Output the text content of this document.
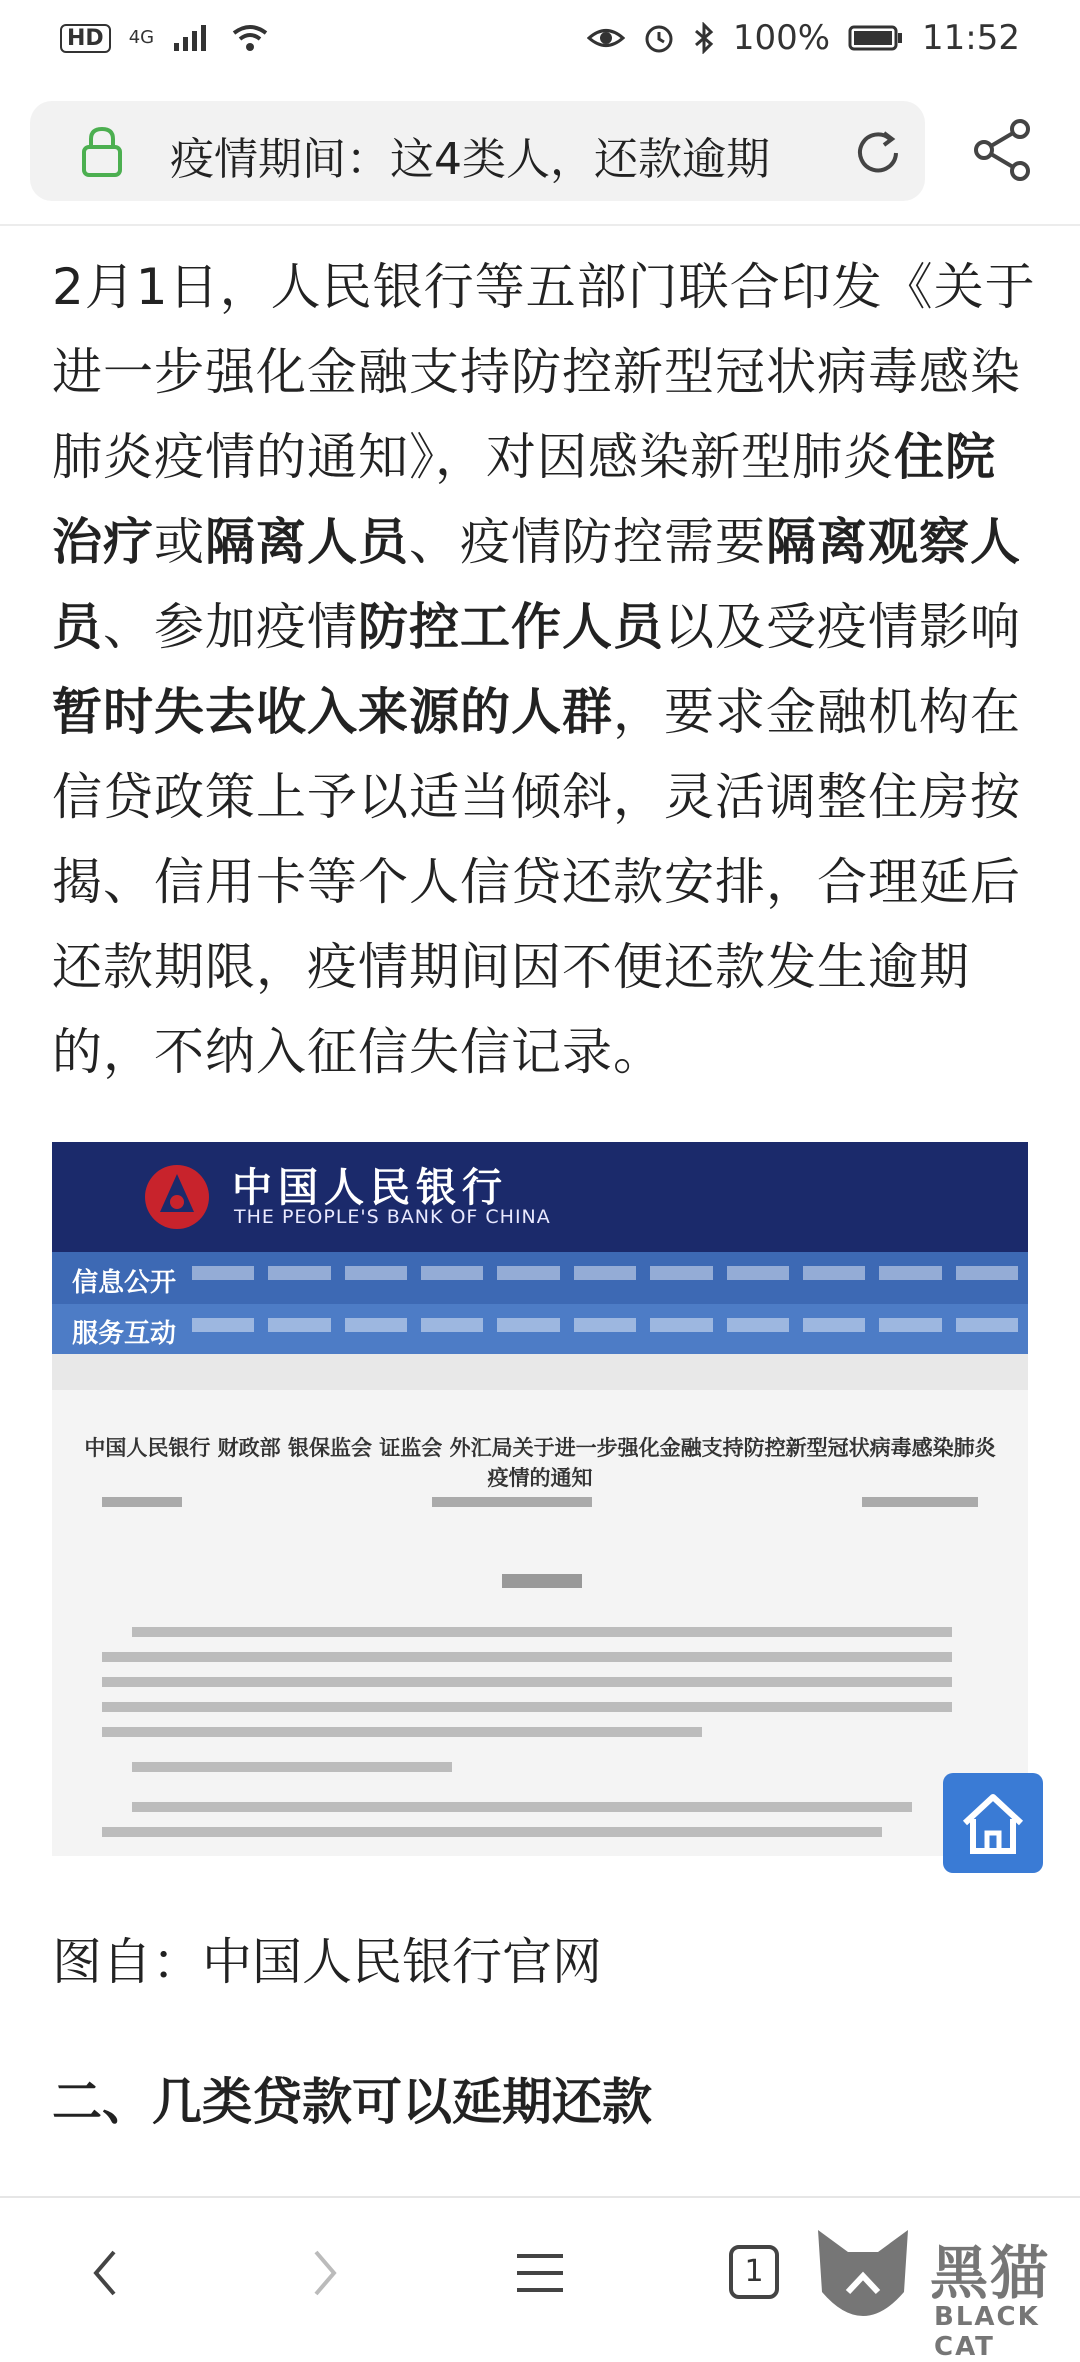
HD	4G	100%	11:52
疫情期间：这4类人，还款逾期
2月1日，人民银行等五部门联合印发《关于进一步强化金融支持防控新型冠状病毒感染肺炎疫情的通知》，对因感染新型肺炎住院治疗或隔离人员、疫情防控需要隔离观察人员、参加疫情防控工作人员以及受疫情影响暂时失去收入来源的人群，要求金融机构在信贷政策上予以适当倾斜，灵活调整住房按揭、信用卡等个人信贷还款安排，合理延后还款期限，疫情期间因不便还款发生逾期的，不纳入征信失信记录。
中国人民银行
THE PEOPLE'S BANK OF CHINA
信息公开
服务互动
中国人民银行 财政部 银保监会 证监会 外汇局关于进一步强化金融支持防控新型冠状病毒感染肺炎疫情的通知
图自：中国人民银行官网
二、几类贷款可以延期还款
1	黑猫
BLACK CAT
